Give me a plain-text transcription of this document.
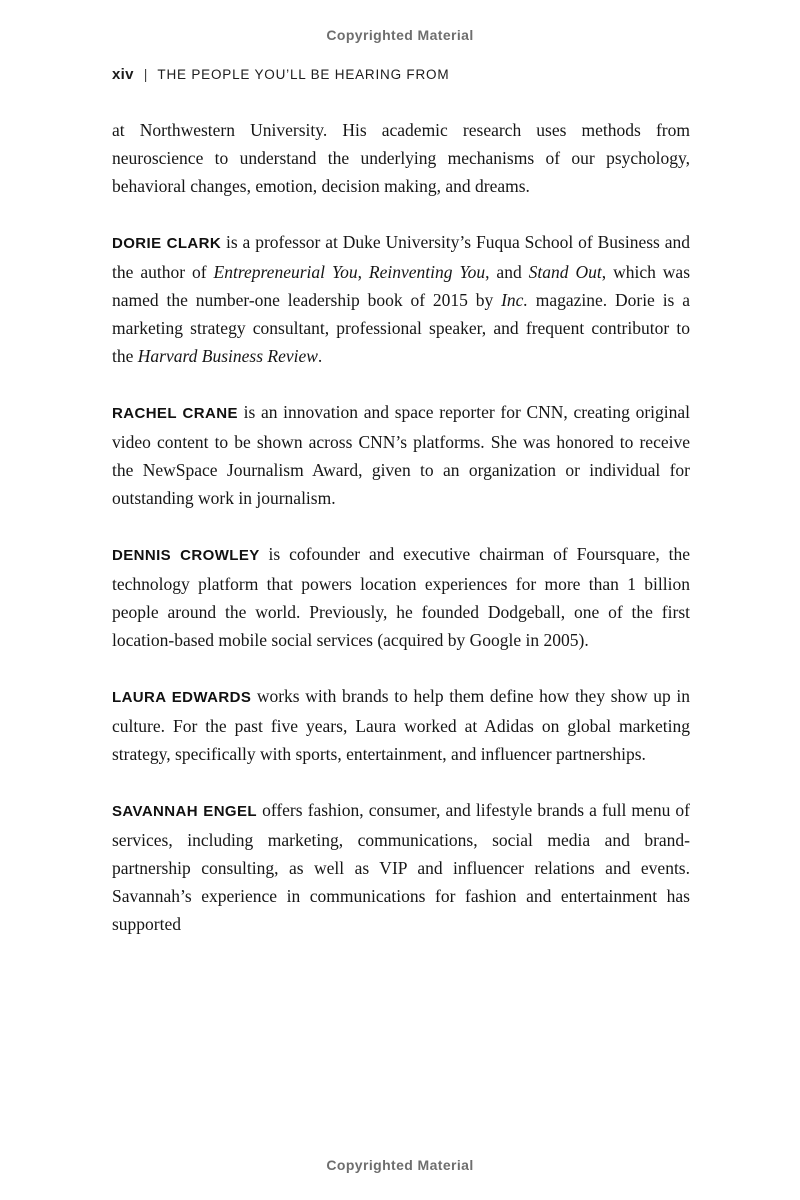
Copyrighted Material
xiv | THE PEOPLE YOU’LL BE HEARING FROM

at Northwestern University. His academic research uses methods from neuroscience to understand the underlying mechanisms of our psychology, behavioral changes, emotion, decision making, and dreams.

DORIE CLARK is a professor at Duke University’s Fuqua School of Business and the author of Entrepreneurial You, Reinventing You, and Stand Out, which was named the number-one leadership book of 2015 by Inc. magazine. Dorie is a marketing strategy consultant, professional speaker, and frequent contributor to the Harvard Business Review.

RACHEL CRANE is an innovation and space reporter for CNN, creating original video content to be shown across CNN’s platforms. She was honored to receive the NewSpace Journalism Award, given to an organization or individual for outstanding work in journalism.

DENNIS CROWLEY is cofounder and executive chairman of Foursquare, the technology platform that powers location experiences for more than 1 billion people around the world. Previously, he founded Dodgeball, one of the first location-based mobile social services (acquired by Google in 2005).

LAURA EDWARDS works with brands to help them define how they show up in culture. For the past five years, Laura worked at Adidas on global marketing strategy, specifically with sports, entertainment, and influencer partnerships.

SAVANNAH ENGEL offers fashion, consumer, and lifestyle brands a full menu of services, including marketing, communications, social media and brand-partnership consulting, as well as VIP and influencer relations and events. Savannah’s experience in communications for fashion and entertainment has supported

Copyrighted Material
